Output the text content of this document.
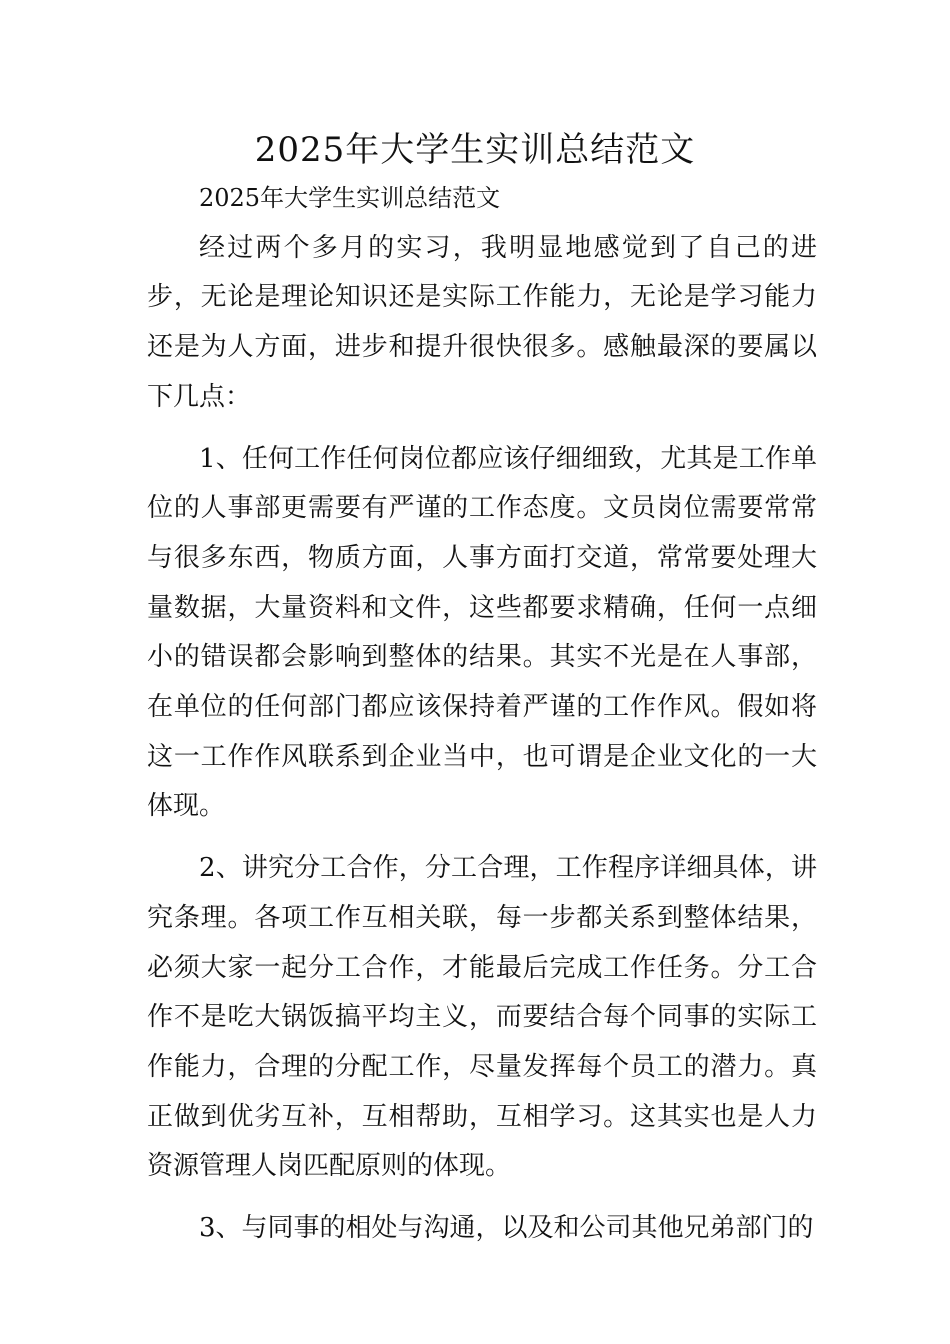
2025年大学生实训总结范文

2025年大学生实训总结范文

经过两个多月的实习，我明显地感觉到了自己的进步，无论是理论知识还是实际工作能力，无论是学习能力还是为人方面，进步和提升很快很多。感触最深的要属以下几点：

1、任何工作任何岗位都应该仔细细致，尤其是工作单位的人事部更需要有严谨的工作态度。文员岗位需要常常与很多东西，物质方面，人事方面打交道，常常要处理大量数据，大量资料和文件，这些都要求精确，任何一点细小的错误都会影响到整体的结果。其实不光是在人事部，在单位的任何部门都应该保持着严谨的工作作风。假如将这一工作作风联系到企业当中，也可谓是企业文化的一大体现。

2、讲究分工合作，分工合理，工作程序详细具体，讲究条理。各项工作互相关联，每一步都关系到整体结果，必须大家一起分工合作，才能最后完成工作任务。分工合作不是吃大锅饭搞平均主义，而要结合每个同事的实际工作能力，合理的分配工作，尽量发挥每个员工的潜力。真正做到优劣互补，互相帮助，互相学习。这其实也是人力资源管理人岗匹配原则的体现。

3、与同事的相处与沟通，以及和公司其他兄弟部门的
